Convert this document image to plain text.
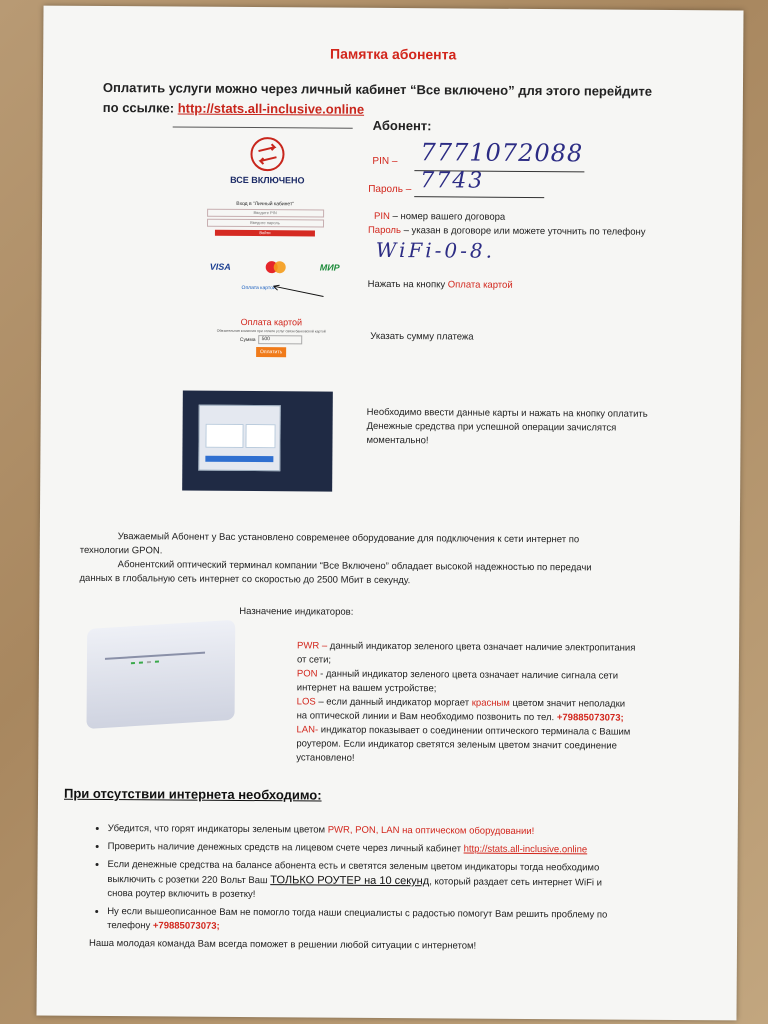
Памятка абонента
Оплатить услуги можно через личный кабинет “Все включено” для этого перейдите
по ссылке: http://stats.all-inclusive.online
ВСЕ ВКЛЮЧЕНО
Вход в “Личный кабинет”
Введите PIN
Введите пароль
Войти
Абонент:
PIN – 7771072088
Пароль – 7743
PIN – номер вашего договора
Пароль – указан в договоре или можете уточнить по телефону
WiFi-0-8.
VISA	МИР
Оплата картой	Нажать на кнопку Оплата картой
Оплата картой
Обязательная комиссия при оплате услуг связи банковской картой
Сумма	500
Оплатить
Указать сумму платежа
Необходимо ввести данные карты и нажать на кнопку оплатить
Денежные средства при успешной операции зачислятся
моментально!
Уважаемый Абонент у Вас установлено современее оборудование для подключения к сети интернет по
технологии GPON.
Абонентский оптический терминал компании “Все Включено” обладает высокой надежностью по передачи
данных в глобальную сеть интернет со скоростью до 2500 Мбит в секунду.
Назначение индикаторов:
PWR – данный индикатор зеленого цвета означает наличие электропитания
от сети;
PON - данный индикатор зеленого цвета означает наличие сигнала сети
интернет на вашем устройстве;
LOS – если данный индикатор моргает красным цветом значит неполадки
на оптической линии и Вам необходимо позвонить по тел. +79885073073;
LAN- индикатор показывает о соединении оптического терминала с Вашим
роутером. Если индикатор светятся зеленым цветом значит соединение
установлено!
При отсутствии интернета необходимо:
• Убедится, что горят индикаторы зеленым цветом PWR, PON, LAN на оптическом оборудовании!
• Проверить наличие денежных средств на лицевом счете через личный кабинет http://stats.all-inclusive.online
• Если денежные средства на балансе абонента есть и светятся зеленым цветом индикаторы тогда необходимо
выключить с розетки 220 Вольт Ваш ТОЛЬКО РОУТЕР на 10 секунд, который раздает сеть интернет WiFi и
снова роутер включить в розетку!
• Ну если вышеописанное Вам не помогло тогда наши специалисты с радостью помогут Вам решить проблему по
телефону +79885073073;
Наша молодая команда Вам всегда поможет в решении любой ситуации с интернетом!
